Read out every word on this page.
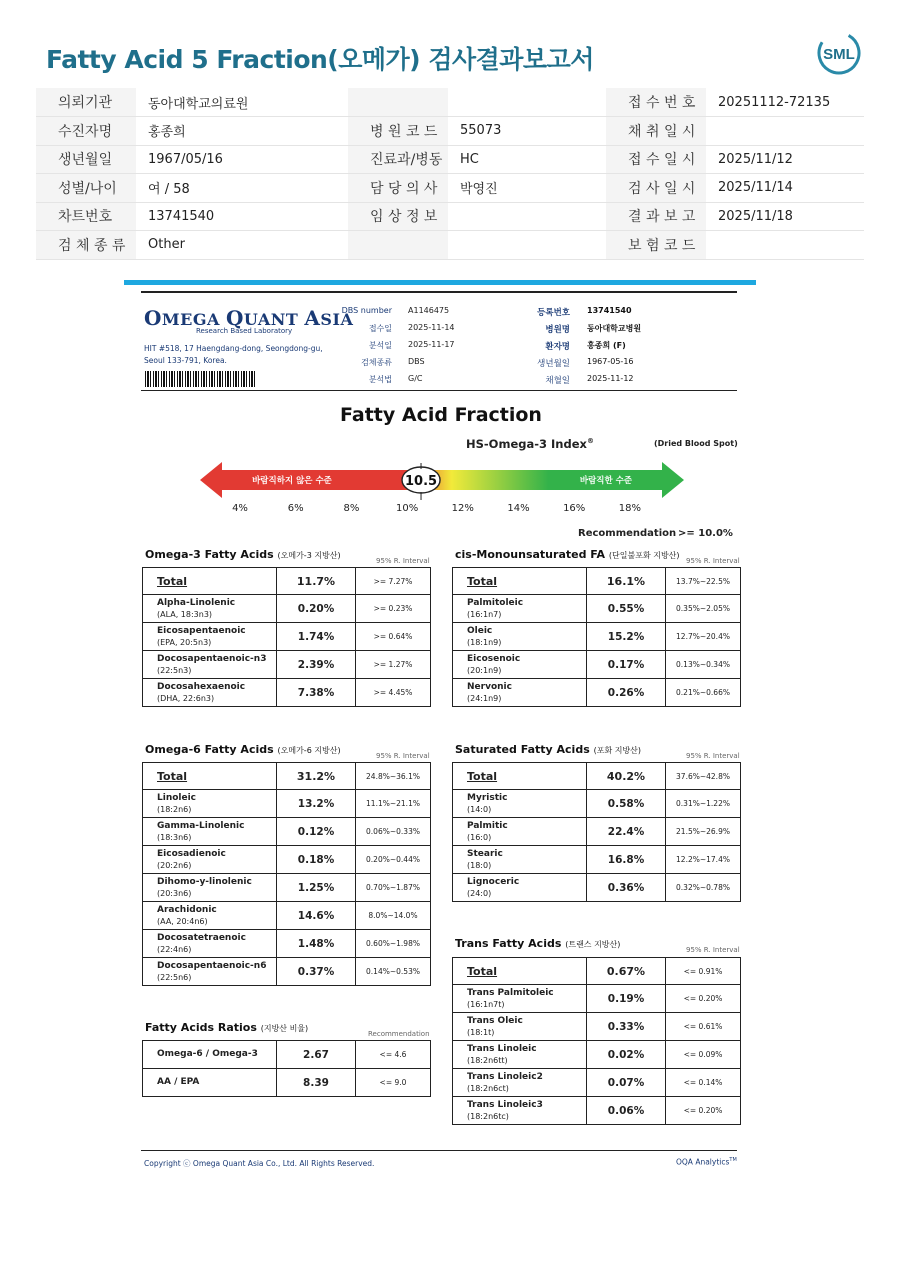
Fatty Acid 5 Fraction(오메가) 검사결과보고서	SML
의뢰기관	동아대학교의료원			접 수 번 호	20251112-72135
수진자명	홍종희	병 원 코 드	55073	채 취 일 시	
생년월일	1967/05/16	진료과/병동	HC	접 수 일 시	2025/11/12
성별/나이	여 / 58	담 당 의 사	박영진	검 사 일 시	2025/11/14
차트번호	13741540	임 상 정 보		결 과 보 고	2025/11/18
검 체 종 류	Other			보 험 코 드	
OMEGA QUANT ASIA
Research Based Laboratory
HIT #518, 17 Haengdang-dong, Seongdong-gu,
Seoul 133-791, Korea.
DBS number A1146475
접수일 2025-11-14
분석일 2025-11-17
검체종류 DBS
분석법 G/C
등록번호 13741540
병원명 동아대학교병원
환자명 홍종희 (F)
생년월일 1967-05-16
채혈일 2025-11-12
Fatty Acid Fraction
HS-Omega-3 Index®	(Dried Blood Spot)
바람직하지 않은 수준	바람직한 수준
10.5
4%	6%	8%	10%	12%	14%	16%	18%
Recommendation >= 10.0%
Omega-3 Fatty Acids (오메가-3 지방산)
95% R. Interval
Total	11.7%	>= 7.27%

Alpha-Linolenic
(ALA, 18:3n3)	0.20%	>= 0.23%

Eicosapentaenoic
(EPA, 20:5n3)	1.74%	>= 0.64%

Docosapentaenoic-n3
(22:5n3)	2.39%	>= 1.27%

Docosahexaenoic
(DHA, 22:6n3)	7.38%	>= 4.45%
cis-Monounsaturated FA (단일불포화 지방산)
95% R. Interval
Total	16.1%	13.7%~22.5%

Palmitoleic
(16:1n7)	0.55%	0.35%~2.05%

Oleic
(18:1n9)	15.2%	12.7%~20.4%

Eicosenoic
(20:1n9)	0.17%	0.13%~0.34%

Nervonic
(24:1n9)	0.26%	0.21%~0.66%
Omega-6 Fatty Acids (오메가-6 지방산)
95% R. Interval
Total	31.2%	24.8%~36.1%

Linoleic
(18:2n6)	13.2%	11.1%~21.1%

Gamma-Linolenic
(18:3n6)	0.12%	0.06%~0.33%

Eicosadienoic
(20:2n6)	0.18%	0.20%~0.44%

Dihomo-y-linolenic
(20:3n6)	1.25%	0.70%~1.87%

Arachidonic
(AA, 20:4n6)	14.6%	8.0%~14.0%

Docosatetraenoic
(22:4n6)	1.48%	0.60%~1.98%

Docosapentaenoic-n6
(22:5n6)	0.37%	0.14%~0.53%
Saturated Fatty Acids (포화 지방산)
95% R. Interval
Total	40.2%	37.6%~42.8%

Myristic
(14:0)	0.58%	0.31%~1.22%

Palmitic
(16:0)	22.4%	21.5%~26.9%

Stearic
(18:0)	16.8%	12.2%~17.4%

Lignoceric
(24:0)	0.36%	0.32%~0.78%
Trans Fatty Acids (트랜스 지방산)
95% R. Interval
Total	0.67%	<= 0.91%

Trans Palmitoleic
(16:1n7t)	0.19%	<= 0.20%

Trans Oleic
(18:1t)	0.33%	<= 0.61%

Trans Linoleic
(18:2n6tt)	0.02%	<= 0.09%

Trans Linoleic2
(18:2n6ct)	0.07%	<= 0.14%

Trans Linoleic3
(18:2n6tc)	0.06%	<= 0.20%
Fatty Acids Ratios (지방산 비율)
Recommendation
Omega-6 / Omega-3	2.67	<= 4.6

AA / EPA	8.39	<= 9.0
Copyright ⓒ Omega Quant Asia Co., Ltd. All Rights Reserved.	OQA Analytics™
